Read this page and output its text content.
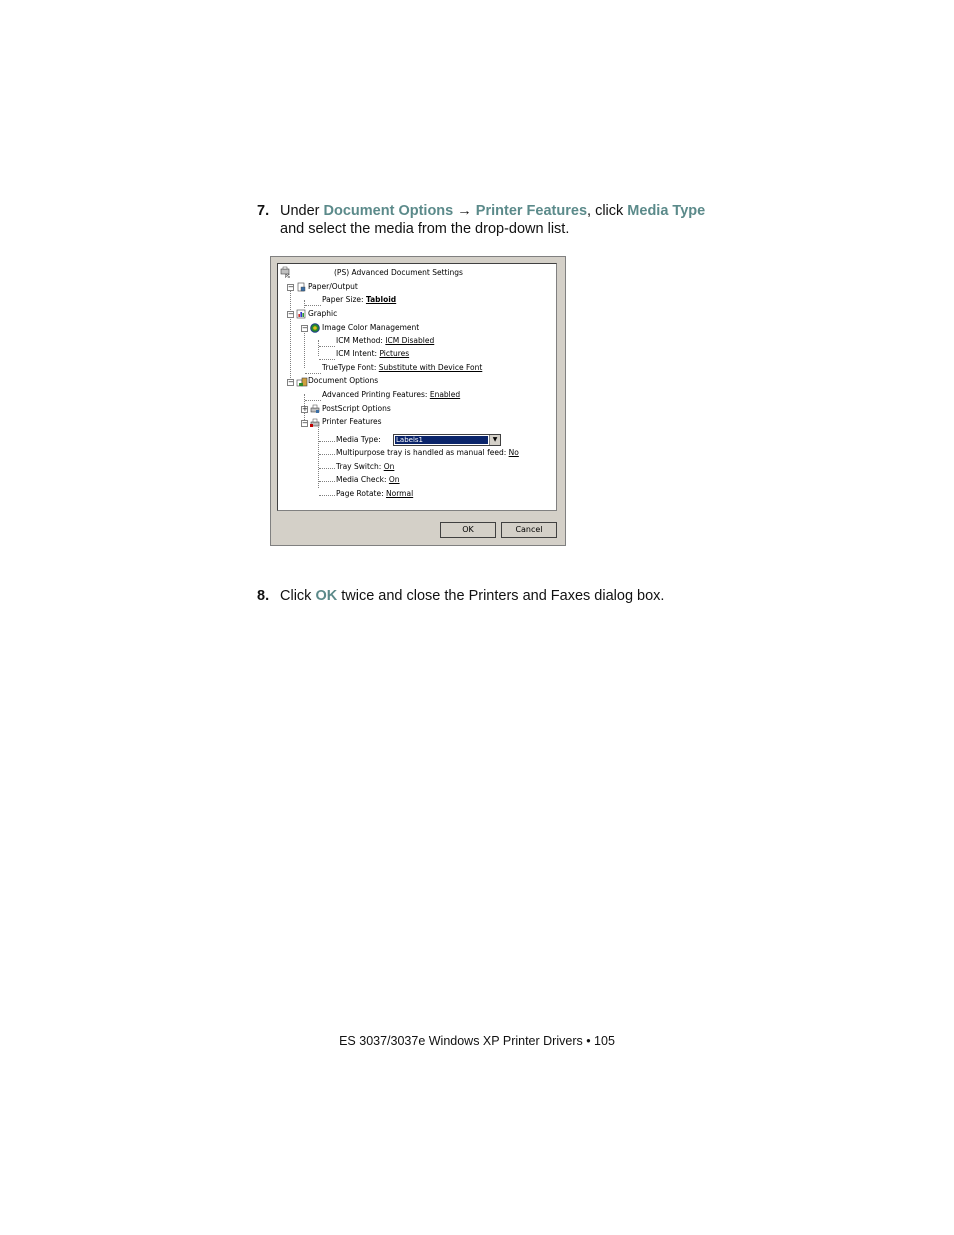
7. Under Document Options → Printer Features, click Media Type and select the media from the drop-down list.
PS	(PS) Advanced Document Settings
− Paper/Output
Paper Size: Tabloid
− Graphic
− Image Color Management
ICM Method: ICM Disabled
ICM Intent: Pictures
TrueType Font: Substitute with Device Font
− Document Options
Advanced Printing Features: Enabled
+ PostScript Options
− Printer Features
Media Type: Labels1	▼
Multipurpose tray is handled as manual feed: No
Tray Switch: On
Media Check: On
Page Rotate: Normal
OK	Cancel
8. Click OK twice and close the Printers and Faxes dialog box.
ES 3037/3037e Windows XP Printer Drivers • 105
